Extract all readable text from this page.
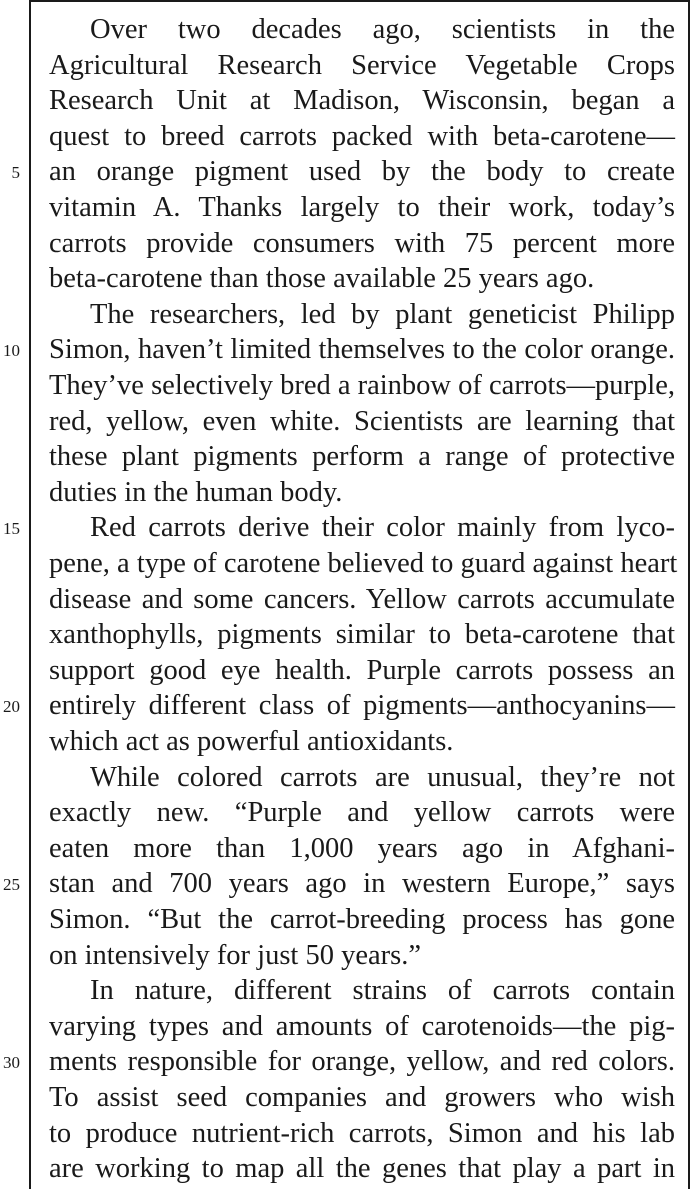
Over two decades ago, scientists in the
Agricultural Research Service Vegetable Crops
Research Unit at Madison, Wisconsin, began a
quest to breed carrots packed with beta-carotene—
an orange pigment used by the body to create
vitamin A. Thanks largely to their work, today’s
carrots provide consumers with 75 percent more
beta-carotene than those available 25 years ago.
The researchers, led by plant geneticist Philipp
Simon, haven’t limited themselves to the color orange.
They’ve selectively bred a rainbow of carrots—purple,
red, yellow, even white. Scientists are learning that
these plant pigments perform a range of protective
duties in the human body.
Red carrots derive their color mainly from lyco-
pene, a type of carotene believed to guard against heart
disease and some cancers. Yellow carrots accumulate
xanthophylls, pigments similar to beta-carotene that
support good eye health. Purple carrots possess an
entirely different class of pigments—anthocyanins—
which act as powerful antioxidants.
While colored carrots are unusual, they’re not
exactly new. “Purple and yellow carrots were
eaten more than 1,000 years ago in Afghani-
stan and 700 years ago in western Europe,” says
Simon. “But the carrot-breeding process has gone
on intensively for just 50 years.”
In nature, different strains of carrots contain
varying types and amounts of carotenoids—the pig-
ments responsible for orange, yellow, and red colors.
To assist seed companies and growers who wish
to produce nutrient-rich carrots, Simon and his lab
are working to map all the genes that play a part in
5
10
15
20
25
30
